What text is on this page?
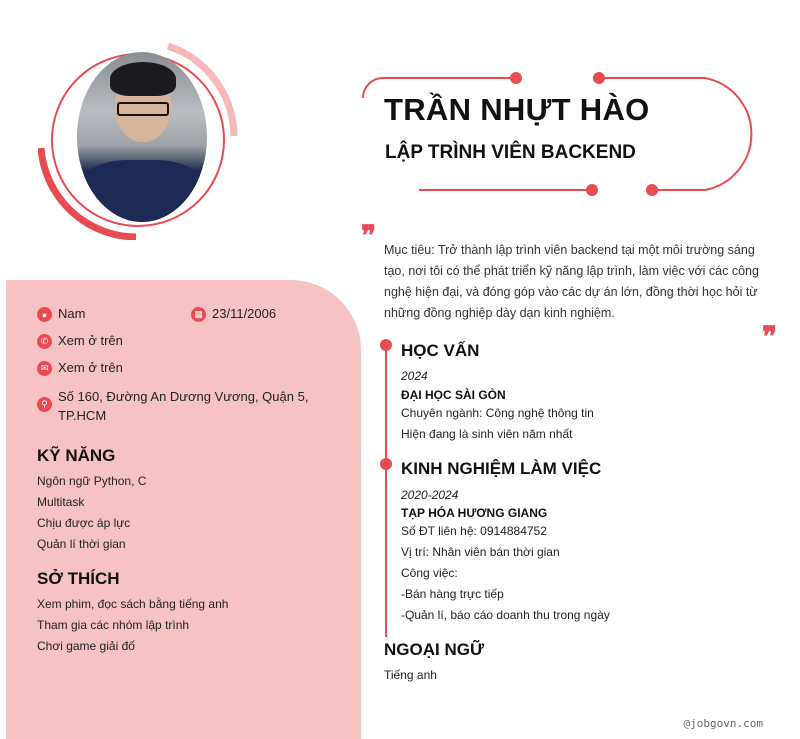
TRẦN NHỰT HÀO
LẬP TRÌNH VIÊN BACKEND
❞ Mục tiêu: Trở thành lập trình viên backend tại một môi trường sáng tạo, nơi tôi có thể phát triển kỹ năng lập trình, làm việc với các công nghệ hiện đại, và đóng góp vào các dự án lớn, đồng thời học hỏi từ những đồng nghiệp dày dạn kinh nghiệm.

❞
● Nam	▦ 23/11/2006
✆ Xem ở trên
✉ Xem ở trên
⚲ Số 160, Đường An Dương Vương, Quận 5, TP.HCM
KỸ NĂNG
Ngôn ngữ Python, C
Multitask
Chịu được áp lực
Quản lí thời gian
SỞ THÍCH
Xem phim, đọc sách bằng tiếng anh
Tham gia các nhóm lập trình
Chơi game giải đố
HỌC VẤN
2024
ĐẠI HỌC SÀI GÒN
Chuyên ngành: Công nghệ thông tin
Hiện đang là sinh viên năm nhất
KINH NGHIỆM LÀM VIỆC
2020-2024
TẠP HÓA HƯƠNG GIANG
Số ĐT liên hệ: 0914884752
Vị trí: Nhân viên bán thời gian
Công việc:
-Bán hàng trực tiếp
-Quản lí, báo cáo doanh thu trong ngày
NGOẠI NGỮ
Tiếng anh
@jobgovn.com
